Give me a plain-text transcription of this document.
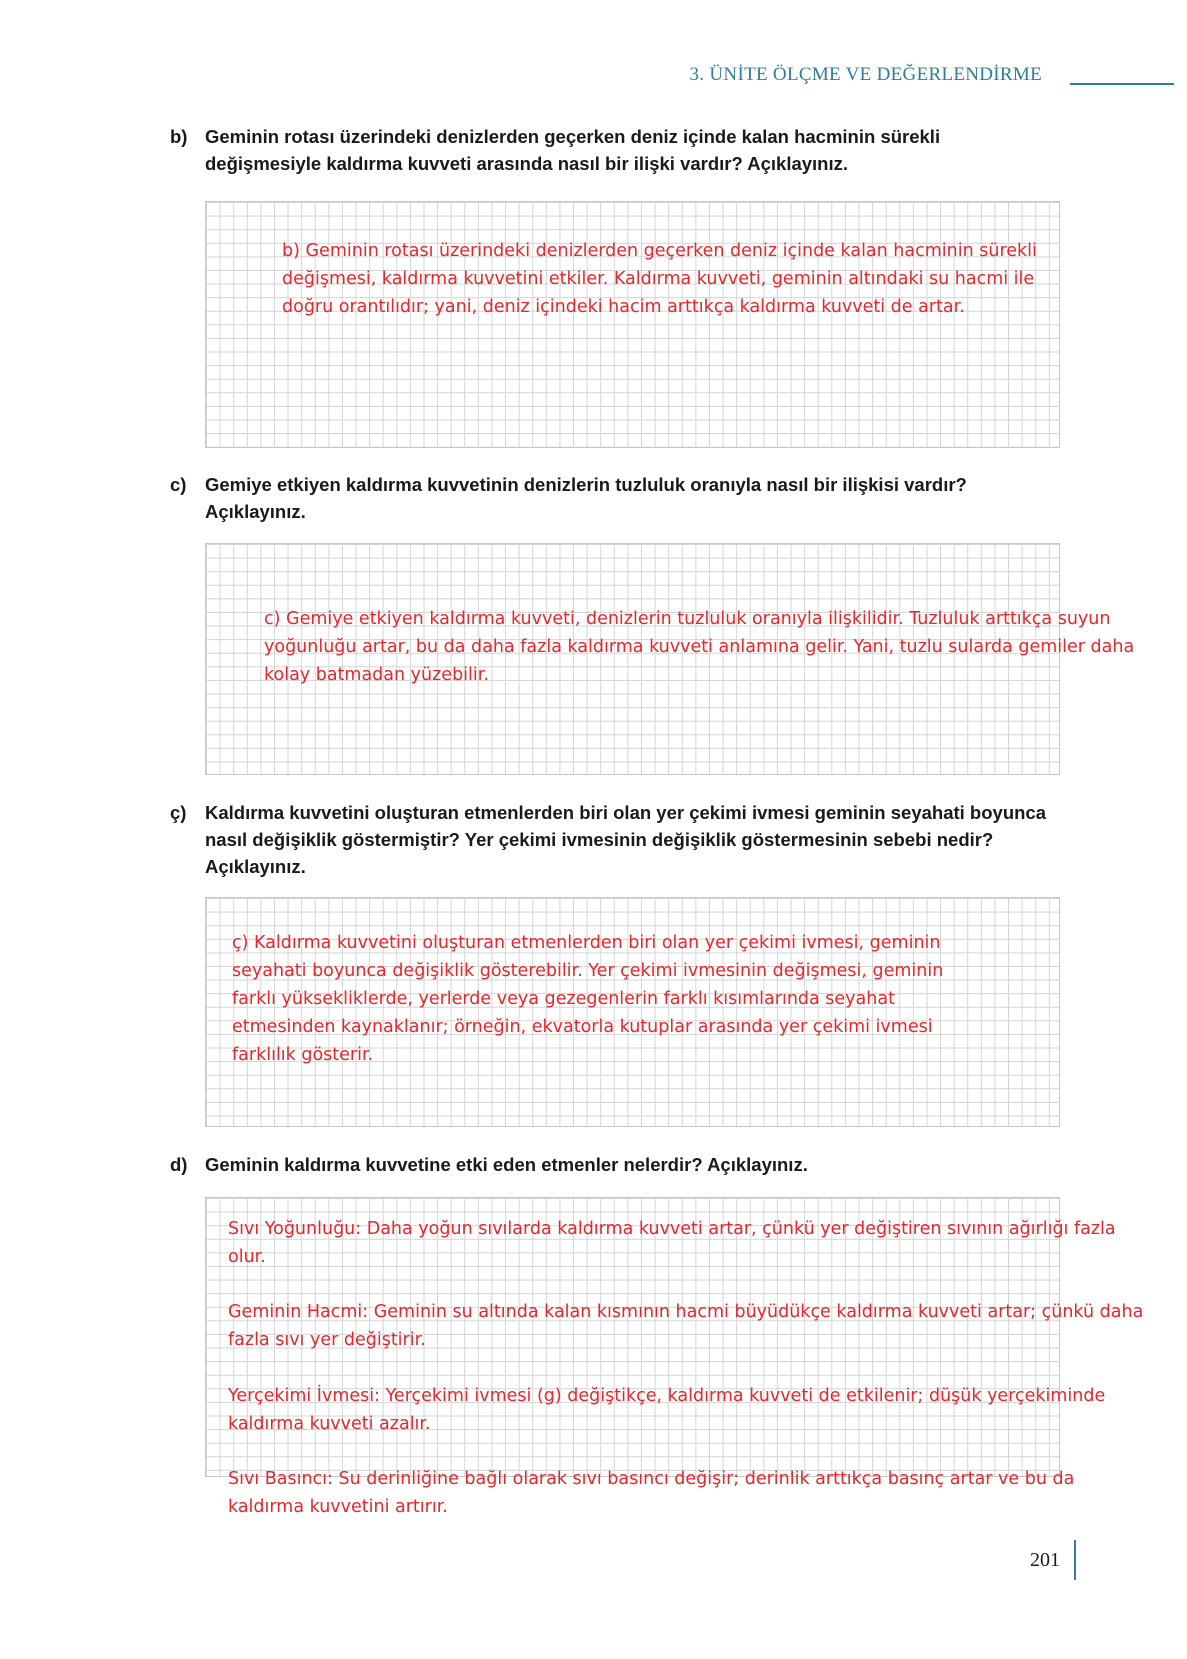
3. ÜNİTE ÖLÇME VE DEĞERLENDİRME
b) Geminin rotası üzerindeki denizlerden geçerken deniz içinde kalan hacminin sürekli değişmesiyle kaldırma kuvveti arasında nasıl bir ilişki vardır? Açıklayınız.
b) Geminin rotası üzerindeki denizlerden geçerken deniz içinde kalan hacminin sürekli değişmesi, kaldırma kuvvetini etkiler. Kaldırma kuvveti, geminin altındaki su hacmi ile doğru orantılıdır; yani, deniz içindeki hacim arttıkça kaldırma kuvveti de artar.
c) Gemiye etkiyen kaldırma kuvvetinin denizlerin tuzluluk oranıyla nasıl bir ilişkisi vardır? Açıklayınız.
c) Gemiye etkiyen kaldırma kuvveti, denizlerin tuzluluk oranıyla ilişkilidir. Tuzluluk arttıkça suyun yoğunluğu artar, bu da daha fazla kaldırma kuvveti anlamına gelir. Yani, tuzlu sularda gemiler daha kolay batmadan yüzebilir.
ç) Kaldırma kuvvetini oluşturan etmenlerden biri olan yer çekimi ivmesi geminin seyahati boyunca nasıl değişiklik göstermiştir? Yer çekimi ivmesinin değişiklik göstermesinin sebebi nedir? Açıklayınız.
ç) Kaldırma kuvvetini oluşturan etmenlerden biri olan yer çekimi ivmesi, geminin seyahati boyunca değişiklik gösterebilir. Yer çekimi ivmesinin değişmesi, geminin farklı yüksekliklerde, yerlerde veya gezegenlerin farklı kısımlarında seyahat etmesinden kaynaklanır; örneğin, ekvatorla kutuplar arasında yer çekimi ivmesi farklılık gösterir.
d) Geminin kaldırma kuvvetine etki eden etmenler nelerdir? Açıklayınız.
Sıvı Yoğunluğu: Daha yoğun sıvılarda kaldırma kuvveti artar, çünkü yer değiştiren sıvının ağırlığı fazla olur.
Geminin Hacmi: Geminin su altında kalan kısmının hacmi büyüdükçe kaldırma kuvveti artar; çünkü daha fazla sıvı yer değiştirir.
Yerçekimi İvmesi: Yerçekimi ivmesi (g) değiştikçe, kaldırma kuvveti de etkilenir; düşük yerçekiminde kaldırma kuvveti azalır.
Sıvı Basıncı: Su derinliğine bağlı olarak sıvı basıncı değişir; derinlik arttıkça basınç artar ve bu da kaldırma kuvvetini artırır.
201
